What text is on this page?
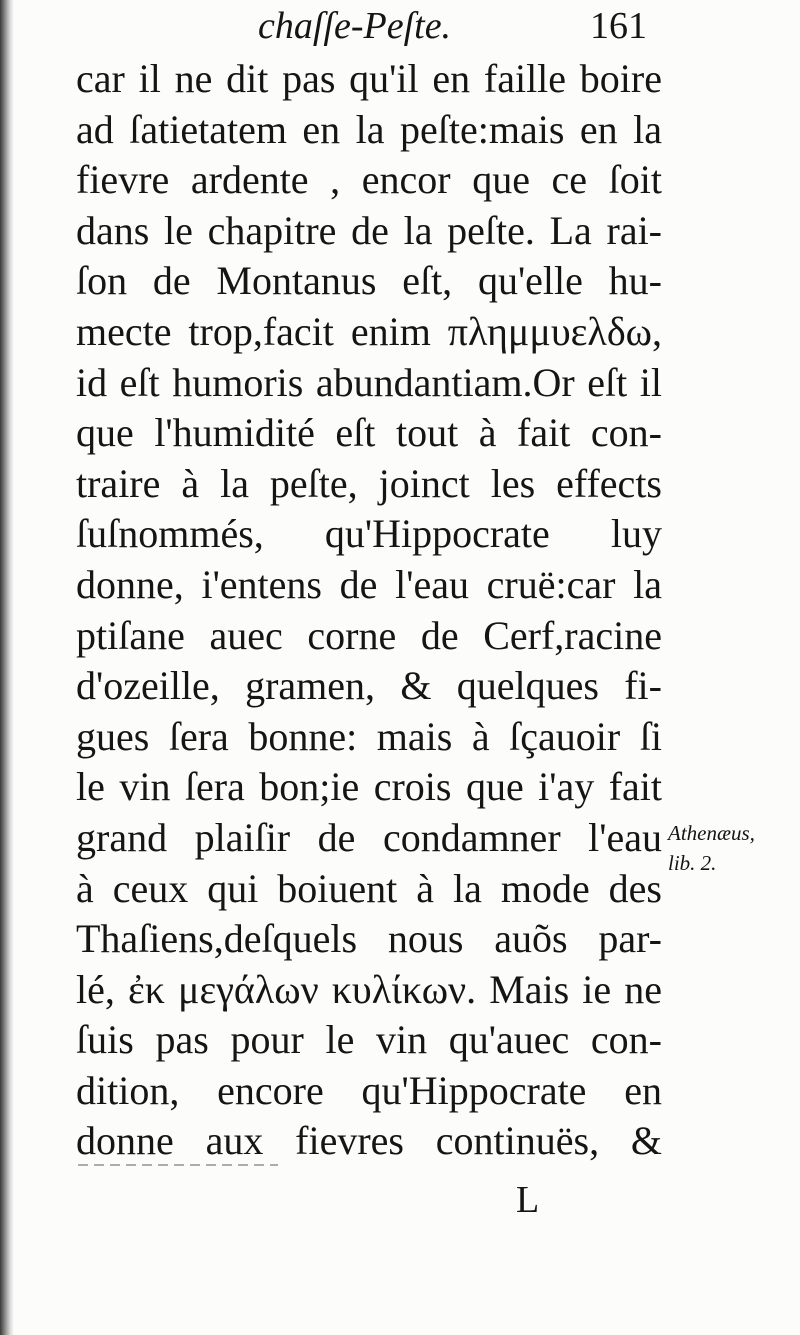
chaſſe-Peſte.	161
car il ne dit pas qu'il en faille boire
ad ſatietatem en la peſte:mais en la
fievre ardente , encor que ce ſoit
dans le chapitre de la peſte. La rai-
ſon de Montanus eſt, qu'elle hu-
mecte trop,facit enim πλημμυελδω,
id eſt humoris abundantiam.Or eſt il
que l'humidité eſt tout à fait con-
traire à la peſte, joinct les effects
ſuſnommés, qu'Hippocrate luy
donne, i'entens de l'eau cruë:car la
ptiſane auec corne de Cerf,racine
d'ozeille, gramen, & quelques fi-
gues ſera bonne: mais à ſçauoir ſi
le vin ſera bon;ie crois que i'ay fait
grand plaiſir de condamner l'eau
à ceux qui boiuent à la mode des
Thaſiens,deſquels nous auõs par-
lé, ἐκ μεγάλων κυλίκων. Mais ie ne
ſuis pas pour le vin qu'auec con-
dition, encore qu'Hippocrate en
donne aux fievres continuës, &
Athenæus,
lib. 2.
L
